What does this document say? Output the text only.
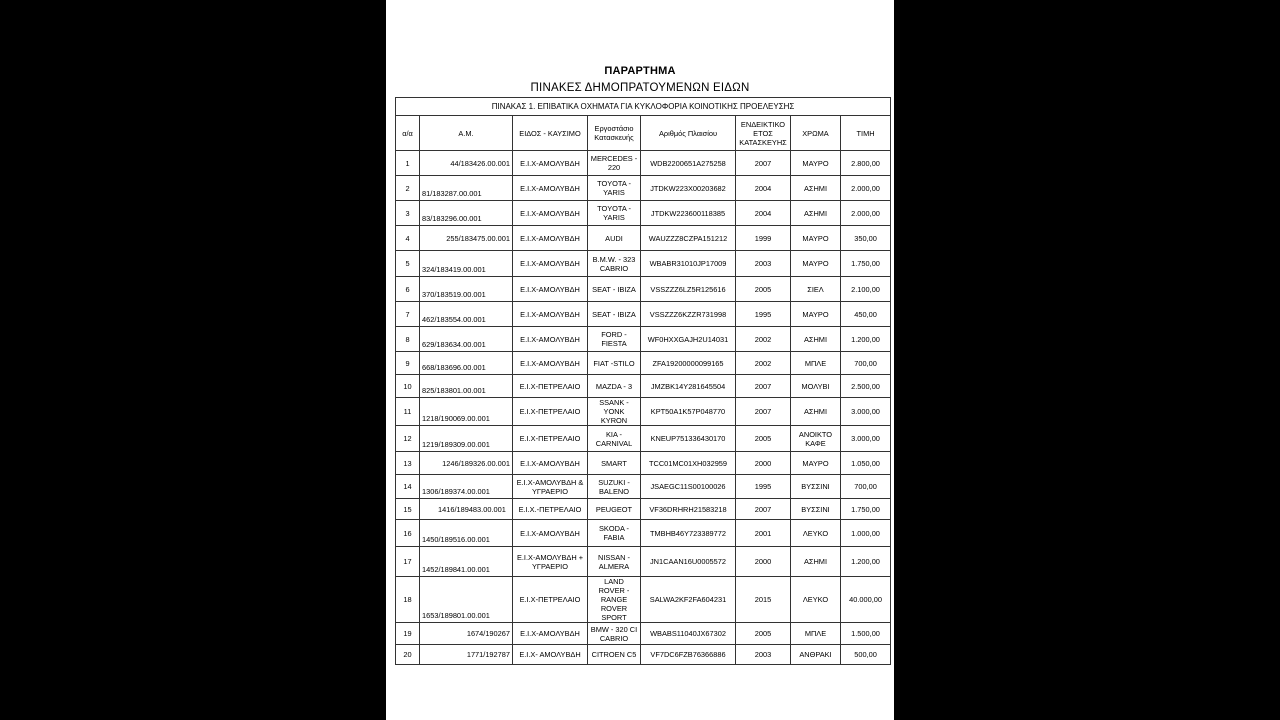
ΠΑΡΑΡΤΗΜΑ
ΠΙΝΑΚΕΣ ΔΗΜΟΠΡΑΤΟΥΜΕΝΩΝ ΕΙΔΩΝ
ΠΙΝΑΚΑΣ 1. ΕΠΙΒΑΤΙΚΑ ΟΧΗΜΑΤΑ ΓΙΑ ΚΥΚΛΟΦΟΡΙΑ ΚΟΙΝΟΤΙΚΗΣ ΠΡΟΕΛΕΥΣΗΣ							
α/α	Α.Μ.	ΕΙΔΟΣ - ΚΑΥΣΙΜΟ	Εργοστάσιο Κατασκευής	Αριθμός Πλαισίου	ΕΝΔΕΙΚΤΙΚΟ ΕΤΟΣ ΚΑΤΑΣΚΕΥΗΣ	ΧΡΩΜΑ	ΤΙΜΗ
1	44/183426.00.001	Ε.Ι.Χ-ΑΜΟΛΥΒΔΗ	MERCEDES - 220	WDB2200651A275258	2007	ΜΑΥΡΟ	2.800,00
2	81/183287.00.001	Ε.Ι.Χ-ΑΜΟΛΥΒΔΗ	TOYOTA - YARIS	JTDKW223X00203682	2004	ΑΣΗΜΙ	2.000,00
3	83/183296.00.001	Ε.Ι.Χ-ΑΜΟΛΥΒΔΗ	TOYOTA - YARIS	JTDKW223600118385	2004	ΑΣΗΜΙ	2.000,00
4	255/183475.00.001	Ε.Ι.Χ-ΑΜΟΛΥΒΔΗ	AUDI	WAUZZZ8CZPA151212	1999	ΜΑΥΡΟ	350,00
5	324/183419.00.001	Ε.Ι.Χ-ΑΜΟΛΥΒΔΗ	B.M.W. - 323 CABRIO	WBABR31010JP17009	2003	ΜΑΥΡΟ	1.750,00
6	370/183519.00.001	Ε.Ι.Χ-ΑΜΟΛΥΒΔΗ	SEAT - IBIZA	VSSZZZ6LZ5R125616	2005	ΣΙΕΛ	2.100,00
7	462/183554.00.001	Ε.Ι.Χ-ΑΜΟΛΥΒΔΗ	SEAT - IBIZA	VSSZZZ6KZZR731998	1995	ΜΑΥΡΟ	450,00
8	629/183634.00.001	Ε.Ι.Χ-ΑΜΟΛΥΒΔΗ	FORD - FIESTA	WF0HXXGAJH2U14031	2002	ΑΣΗΜΙ	1.200,00
9	668/183696.00.001	Ε.Ι.Χ-ΑΜΟΛΥΒΔΗ	FIAT -STILO	ZFA19200000099165	2002	ΜΠΛΕ	700,00
10	825/183801.00.001	Ε.Ι.Χ-ΠΕΤΡΕΛΑΙΟ	MAZDA - 3	JMZBK14Y281645504	2007	ΜΟΛΥΒΙ	2.500,00
11	1218/190069.00.001	Ε.Ι.Χ-ΠΕΤΡΕΛΑΙΟ	SSANK - YONK KYRON	KPT50A1K57P048770	2007	ΑΣΗΜΙ	3.000,00
12	1219/189309.00.001	Ε.Ι.Χ-ΠΕΤΡΕΛΑΙΟ	KIA - CARNIVAL	KNEUP751336430170	2005	ΑΝΟΙΚΤΟ ΚΑΦΕ	3.000,00
13	1246/189326.00.001	Ε.Ι.Χ-ΑΜΟΛΥΒΔΗ	SMART	TCC01MC01XH032959	2000	ΜΑΥΡΟ	1.050,00
14	1306/189374.00.001	Ε.Ι.Χ-ΑΜΟΛΥΒΔΗ & ΥΓΡΑΕΡΙΟ	SUZUKI - BALENO	JSAEGC11S00100026	1995	ΒΥΣΣΙΝΙ	700,00
15	1416/189483.00.001	Ε.Ι.Χ.-ΠΕΤΡΕΛΑΙΟ	PEUGEOT	VF36DRHRH21583218	2007	ΒΥΣΣΙΝΙ	1.750,00
16	1450/189516.00.001	Ε.Ι.Χ-ΑΜΟΛΥΒΔΗ	SKODA - FABIA	TMBHB46Y723389772	2001	ΛΕΥΚΟ	1.000,00
17	1452/189841.00.001	Ε.Ι.Χ-ΑΜΟΛΥΒΔΗ + ΥΓΡΑΕΡΙΟ	NISSAN - ALMERA	JN1CAAN16U0005572	2000	ΑΣΗΜΙ	1.200,00
18	1653/189801.00.001	Ε.Ι.Χ-ΠΕΤΡΕΛΑΙΟ	LAND ROVER - RANGE ROVER SPORT	SALWA2KF2FA604231	2015	ΛΕΥΚΟ	40.000,00
19	1674/190267	Ε.Ι.Χ-ΑΜΟΛΥΒΔΗ	BMW - 320 CI CABRIO	WBABS11040JX67302	2005	ΜΠΛΕ	1.500,00
20	1771/192787	Ε.Ι.Χ- ΑΜΟΛΥΒΔΗ	CITROEN C5	VF7DC6FZB76366886	2003	ΑΝΘΡΑΚΙ	500,00
